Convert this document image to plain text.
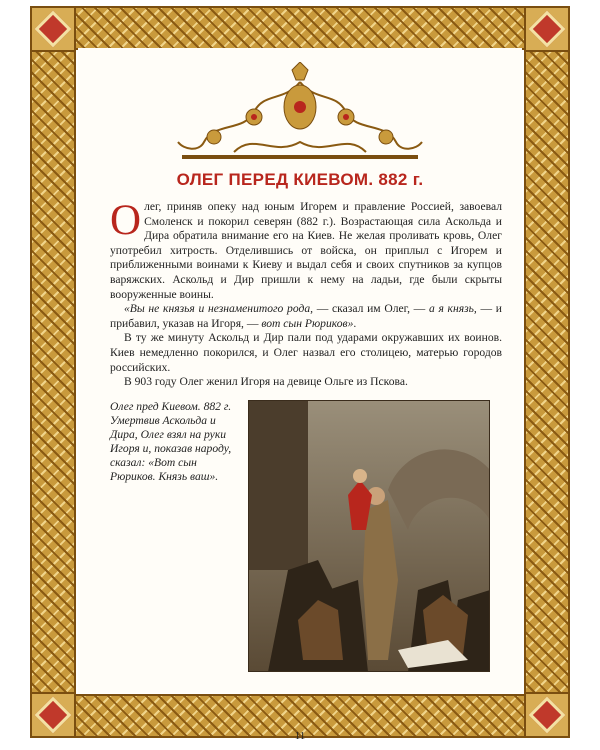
ОЛЕГ ПЕРЕД КИЕВОМ. 882 г.

Олег, приняв опеку над юным Игорем и правление Россией, завоевал Смоленск и покорил северян (882 г.). Возрастающая сила Аскольда и Дира обратила внимание его на Киев. Не желая проливать кровь, Олег употребил хитрость. Отделившись от войска, он приплыл с Игорем и приближенными воинами к Киеву и выдал себя и своих спутников за купцов варяжских. Аскольд и Дир пришли к нему на ладьи, где были скрыты вооруженные воины.

«Вы не князья и незнаменитого рода, — сказал им Олег, — а я князь, — и прибавил, указав на Игоря, — вот сын Рюриков».

В ту же минуту Аскольд и Дир пали под ударами окружавших их воинов. Киев немедленно покорился, и Олег назвал его столицею, матерью городов российских.

В 903 году Олег женил Игоря на девице Ольге из Пскова.

Олег пред Киевом. 882 г. Умертвив Аскольда и Дира, Олег взял на руки Игоря и, показав народу, сказал: «Вот сын Рюриков. Князь ваш».
11
